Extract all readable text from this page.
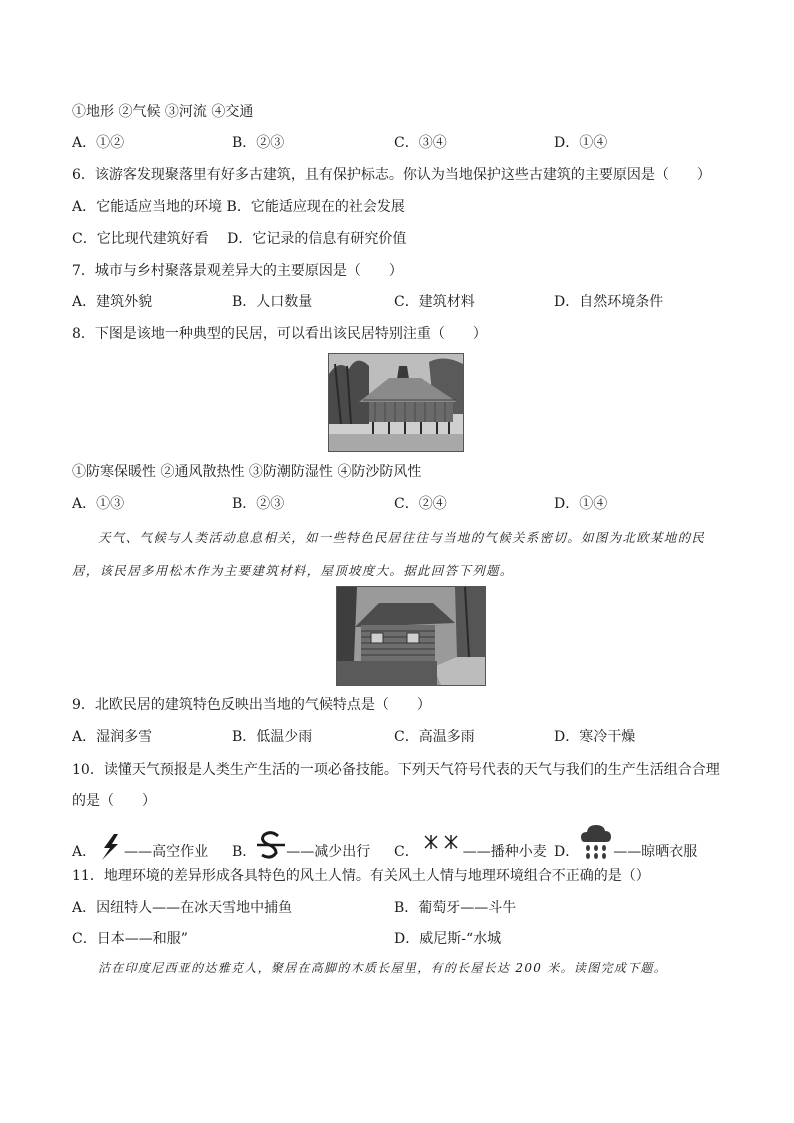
①地形 ②气候 ③河流 ④交通
A．①②	B．②③	C．③④	D．①④
6．该游客发现聚落里有好多古建筑，且有保护标志。你认为当地保护这些古建筑的主要原因是（　　）
A．它能适应当地的环境 B．它能适应现在的社会发展
C．它比现代建筑好看　 D．它记录的信息有研究价值
7．城市与乡村聚落景观差异大的主要原因是（　　）
A．建筑外貌	B．人口数量	C．建筑材料	D．自然环境条件
8．下图是该地一种典型的民居，可以看出该民居特别注重（　　）
①防寒保暖性 ②通风散热性 ③防潮防湿性 ④防沙防风性
A．①③	B．②③	C．②④	D．①④
天气、气候与人类活动息息相关，如一些特色民居往往与当地的气候关系密切。如图为北欧某地的民居，该民居多用松木作为主要建筑材料，屋顶坡度大。据此回答下列题。
9．北欧民居的建筑特色反映出当地的气候特点是（　　）
A．湿润多雪	B．低温少雨	C．高温多雨	D．寒冷干燥
10．读懂天气预报是人类生产生活的一项必备技能。下列天气符号代表的天气与我们的生产生活组合合理
的是（　　）
A． ——高空作业 B． ——减少出行 C．	——播种小麦 D． ——晾晒衣服
11．地理环境的差异形成各具特色的风土人情。有关风土人情与地理环境组合不正确的是（）
A．因纽特人——在冰天雪地中捕鱼	B．葡萄牙——斗牛
C．日本——和服”	D．威尼斯-“水城
沽在印度尼西亚的达雅克人，聚居在高脚的木质长屋里，有的长屋长达 200 米。读图完成下题。
